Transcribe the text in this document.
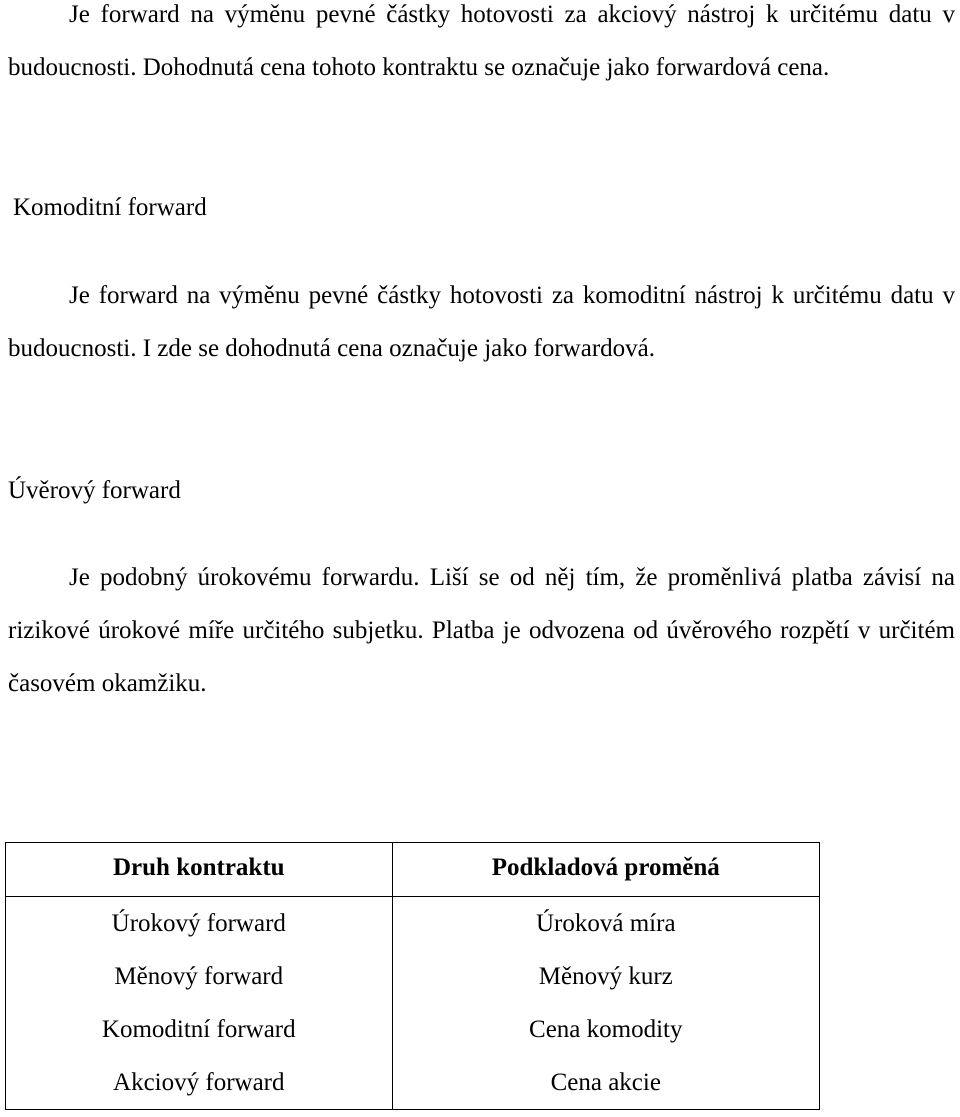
Je forward na výměnu pevné částky hotovosti za akciový nástroj k určitému datu v budoucnosti. Dohodnutá cena tohoto kontraktu se označuje jako forwardová cena.

Komoditní forward

Je forward na výměnu pevné částky hotovosti za komoditní nástroj k určitému datu v budoucnosti. I zde se dohodnutá cena označuje jako forwardová.

Úvěrový forward

Je podobný úrokovému forwardu. Liší se od něj tím, že proměnlivá platba závisí na rizikové úrokové míře určitého subjetku. Platba je odvozena od úvěrového rozpětí v určitém časovém okamžiku.

Druh kontraktu	Podkladová proměná
Úrokový forward	Úroková míra
Měnový forward	Měnový kurz
Komoditní forward	Cena komodity
Akciový forward	Cena akcie
